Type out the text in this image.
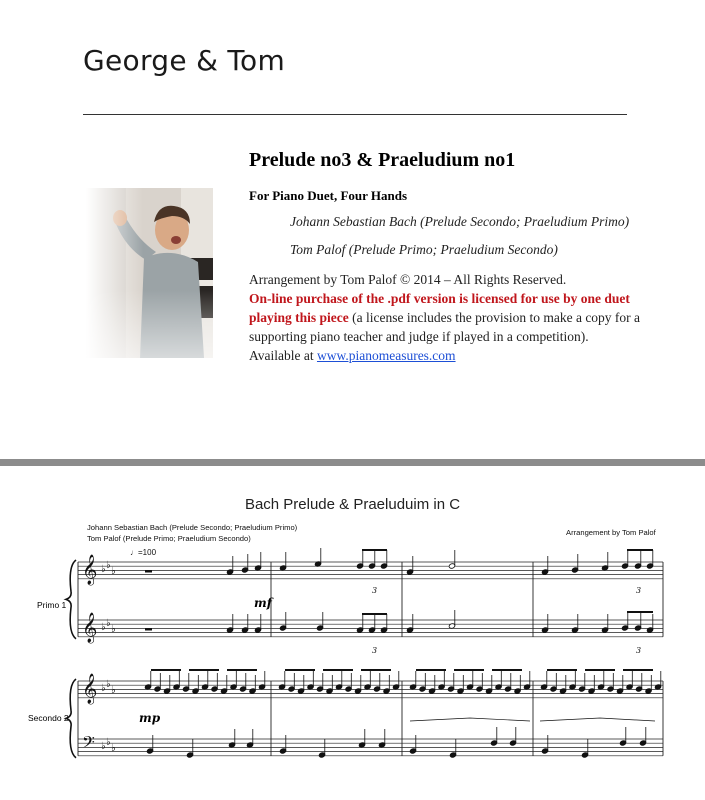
George & Tom
Prelude no3 & Praeludium no1
For Piano Duet, Four Hands
Johann Sebastian Bach (Prelude Secondo; Praeludium Primo)
Tom Palof (Prelude Primo; Praeludium Secondo)
Arrangement by Tom Palof © 2014 – All Rights Reserved.
On-line purchase of the .pdf version is licensed for use by one duet playing this piece (a license includes the provision to make a copy for a supporting piano teacher and judge if played in a competition).
Available at www.pianomeasures.com
Bach Prelude & Praeluduim in C
Johann Sebastian Bach (Prelude Secondo; Praeludium Primo)
Tom Palof (Prelude Primo; Praeludium Secondo)
Arrangement by Tom Palof
♩=100
Primo 1
Secondo 2
mf
mp
𝄞
𝄞
𝄞
𝄢
♭ ♭
♭
♭ ♭
♭
♭ ♭
♭
♭ ♭
♭
3
3
3
3
